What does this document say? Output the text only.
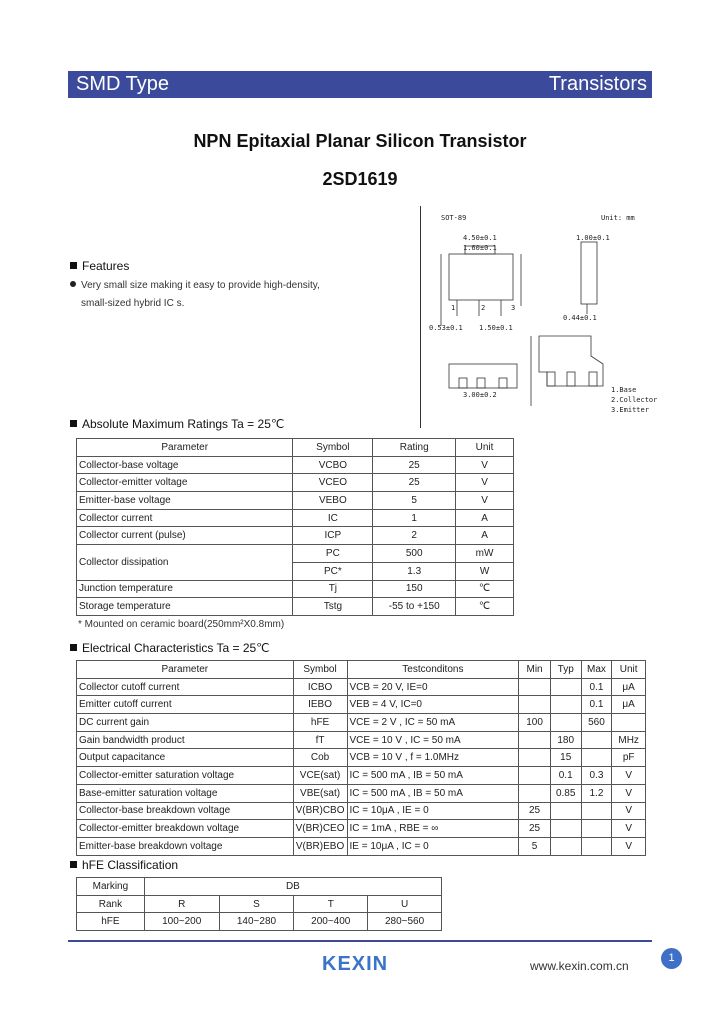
SMD Type	Transistors
NPN Epitaxial Planar Silicon Transistor
2SD1619
SOT-89	Unit: mm
4.50±0.1
1.60±0.1
1.00±0.1
0.44±0.1
0.53±0.1 1.50±0.1
3.00±0.2
1.Base
2.Collector
3.Emitter
1	2	3
Features
Very small size making it easy to provide high-density,
small-sized hybrid IC s.
Absolute Maximum Ratings Ta = 25℃
Parameter	Symbol	Rating	Unit
Collector-base voltage	VCBO	25	V
Collector-emitter voltage	VCEO	25	V
Emitter-base voltage	VEBO	5	V
Collector current	IC	1	A
Collector current (pulse)	ICP	2	A
Collector dissipation	PC	500	mW
	PC*	1.3	W
Junction temperature	Tj	150	℃
Storage temperature	Tstg	-55 to +150	℃
* Mounted on ceramic board(250mm²X0.8mm)
Electrical Characteristics Ta = 25℃
Parameter	Symbol	Testconditons	Min	Typ	Max	Unit
Collector cutoff current	ICBO	VCB = 20 V, IE=0			0.1	μA
Emitter cutoff current	IEBO	VEB = 4 V, IC=0			0.1	μA
DC current gain	hFE	VCE = 2 V , IC = 50 mA	100		560	
Gain bandwidth product	fT	VCE = 10 V , IC = 50 mA		180		MHz
Output capacitance	Cob	VCB = 10 V , f = 1.0MHz		15		pF
Collector-emitter saturation voltage	VCE(sat)	IC = 500 mA , IB = 50 mA		0.1	0.3	V
Base-emitter saturation voltage	VBE(sat)	IC = 500 mA , IB = 50 mA		0.85	1.2	V
Collector-base breakdown voltage	V(BR)CBO	IC = 10μA , IE = 0	25			V
Collector-emitter breakdown voltage	V(BR)CEO	IC = 1mA , RBE = ∞	25			V
Emitter-base breakdown voltage	V(BR)EBO	IE = 10μA , IC = 0	5			V
hFE Classification
Marking	DB			
Rank	R	S	T	U
hFE	100~200	140~280	200~400	280~560
1
KEXIN	www.kexin.com.cn
